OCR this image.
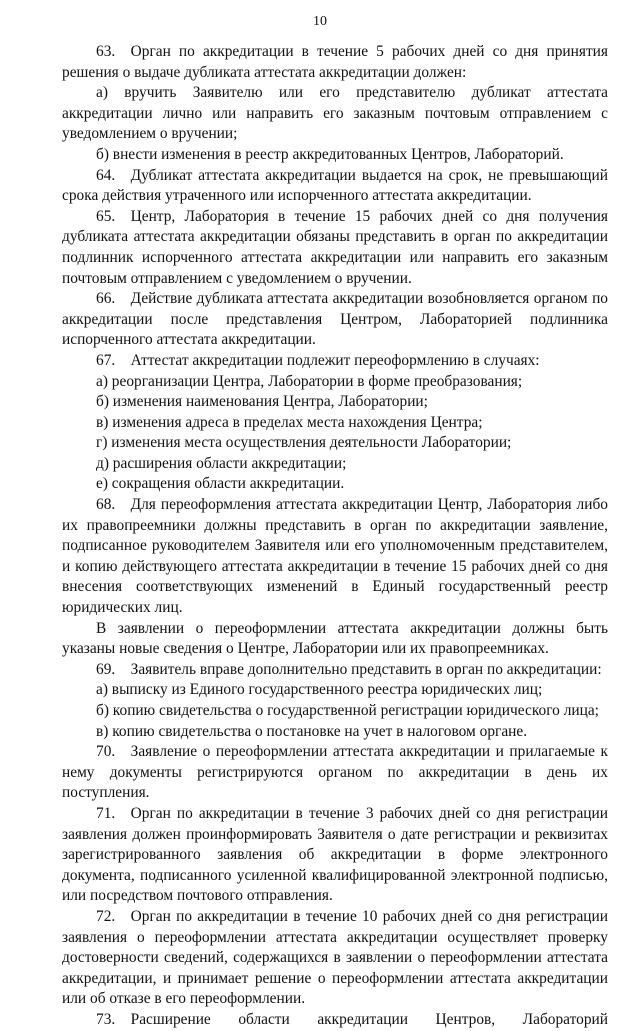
10

63. Орган по аккредитации в течение 5 рабочих дней со дня принятия решения о выдаче дубликата аттестата аккредитации должен:

а) вручить Заявителю или его представителю дубликат аттестата аккредитации лично или направить его заказным почтовым отправлением с уведомлением о вручении;

б) внести изменения в реестр аккредитованных Центров, Лабораторий.

64. Дубликат аттестата аккредитации выдается на срок, не превышающий срока действия утраченного или испорченного аттестата аккредитации.

65. Центр, Лаборатория в течение 15 рабочих дней со дня получения дубликата аттестата аккредитации обязаны представить в орган по аккредитации подлинник испорченного аттестата аккредитации или направить его заказным почтовым отправлением с уведомлением о вручении.

66. Действие дубликата аттестата аккредитации возобновляется органом по аккредитации после представления Центром, Лабораторией подлинника испорченного аттестата аккредитации.

67. Аттестат аккредитации подлежит переоформлению в случаях:

а) реорганизации Центра, Лаборатории в форме преобразования;

б) изменения наименования Центра, Лаборатории;

в) изменения адреса в пределах места нахождения Центра;

г) изменения места осуществления деятельности Лаборатории;

д) расширения области аккредитации;

е) сокращения области аккредитации.

68. Для переоформления аттестата аккредитации Центр, Лаборатория либо их правопреемники должны представить в орган по аккредитации заявление, подписанное руководителем Заявителя или его уполномоченным представителем, и копию действующего аттестата аккредитации в течение 15 рабочих дней со дня внесения соответствующих изменений в Единый государственный реестр юридических лиц.

В заявлении о переоформлении аттестата аккредитации должны быть указаны новые сведения о Центре, Лаборатории или их правопреемниках.

69. Заявитель вправе дополнительно представить в орган по аккредитации:

а) выписку из Единого государственного реестра юридических лиц;

б) копию свидетельства о государственной регистрации юридического лица;

в) копию свидетельства о постановке на учет в налоговом органе.

70. Заявление о переоформлении аттестата аккредитации и прилагаемые к нему документы регистрируются органом по аккредитации в день их поступления.

71. Орган по аккредитации в течение 3 рабочих дней со дня регистрации заявления должен проинформировать Заявителя о дате регистрации и реквизитах зарегистрированного заявления об аккредитации в форме электронного документа, подписанного усиленной квалифицированной электронной подписью, или посредством почтового отправления.

72. Орган по аккредитации в течение 10 рабочих дней со дня регистрации заявления о переоформлении аттестата аккредитации осуществляет проверку достоверности сведений, содержащихся в заявлении о переоформлении аттестата аккредитации, и принимает решение о переоформлении аттестата аккредитации или об отказе в его переоформлении.

73. Расширение области аккредитации Центров, Лабораторий
